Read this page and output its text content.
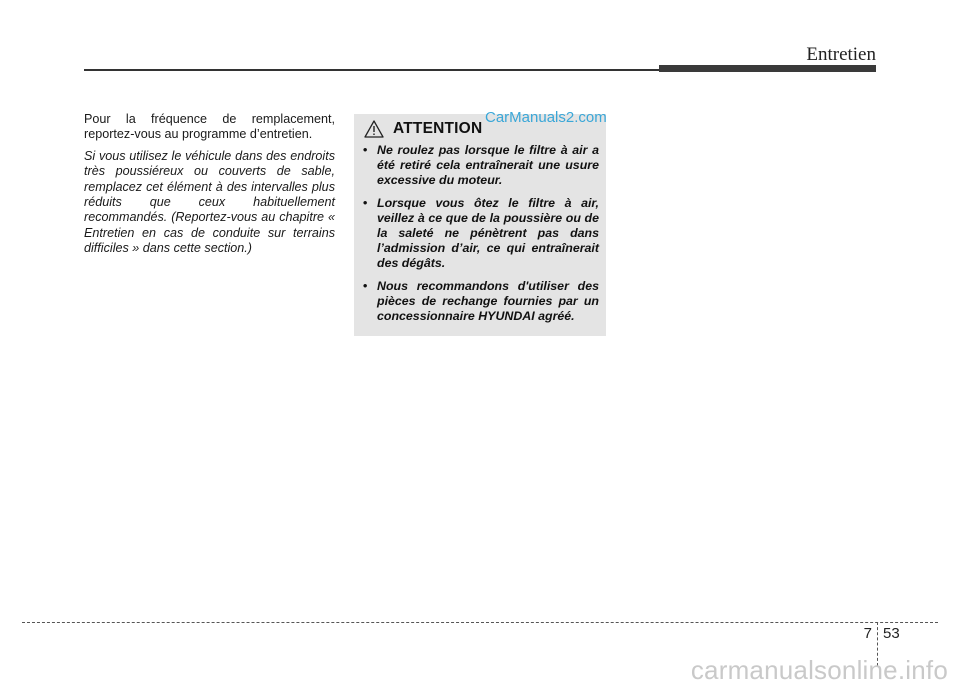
Entretien

Pour la fréquence de remplacement, reportez-vous au programme d’entretien.

Si vous utilisez le véhicule dans des endroits très poussiéreux ou couverts de sable, remplacez cet élément à des intervalles plus réduits que ceux habituellement recommandés. (Reportez-vous au chapitre « Entretien en cas de conduite sur terrains difficiles » dans cette section.)

ATTENTION
CarManuals2.com
• Ne roulez pas lorsque le filtre à air a été retiré cela entraînerait une usure excessive du moteur.
• Lorsque vous ôtez le filtre à air, veillez à ce que de la poussière ou de la saleté ne pénètrent pas dans l’admission d’air, ce qui entraînerait des dégâts.
• Nous recommandons d'utiliser des pièces de rechange fournies par un concessionnaire HYUNDAI agréé.
7 53
carmanualsonline.info
